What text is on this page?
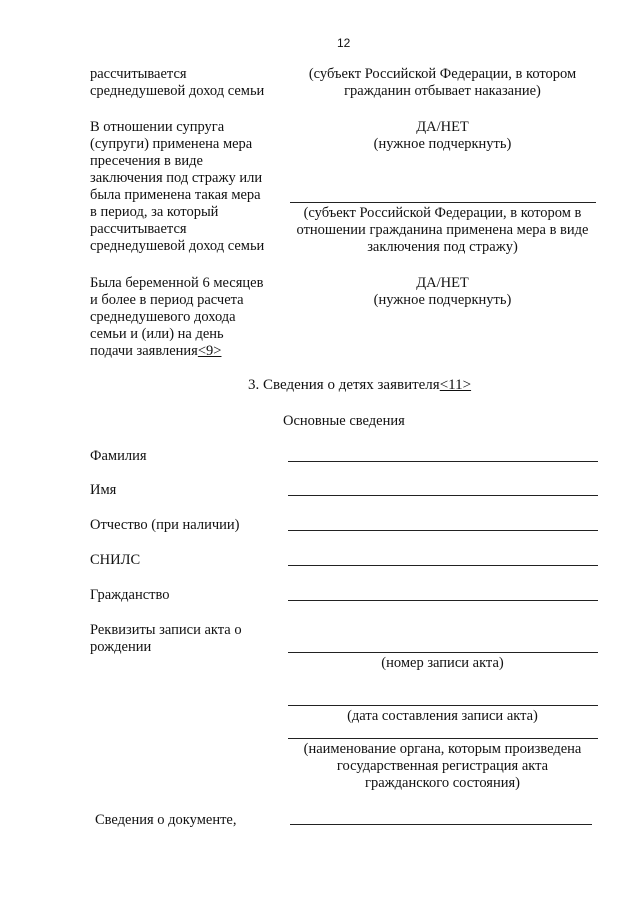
12
рассчитывается
среднедушевой доход семьи
(субъект Российской Федерации, в котором
гражданин отбывает наказание)
В отношении супруга
(супруги) применена мера
пресечения в виде
заключения под стражу или
была применена такая мера
в период, за который
рассчитывается
среднедушевой доход семьи
ДА/НЕТ
(нужное подчеркнуть)
(субъект Российской Федерации, в котором в
отношении гражданина применена мера в виде
заключения под стражу)
Была беременной 6 месяцев
и более в период расчета
среднедушевого дохода
семьи и (или) на день
подачи заявления<9>
ДА/НЕТ
(нужное подчеркнуть)
3. Сведения о детях заявителя<11>
Основные сведения
Фамилия
Имя
Отчество (при наличии)
СНИЛС
Гражданство
Реквизиты записи акта о
рождении
(номер записи акта)
(дата составления записи акта)
(наименование органа, которым произведена
государственная регистрация акта
гражданского состояния)
Сведения о документе,
